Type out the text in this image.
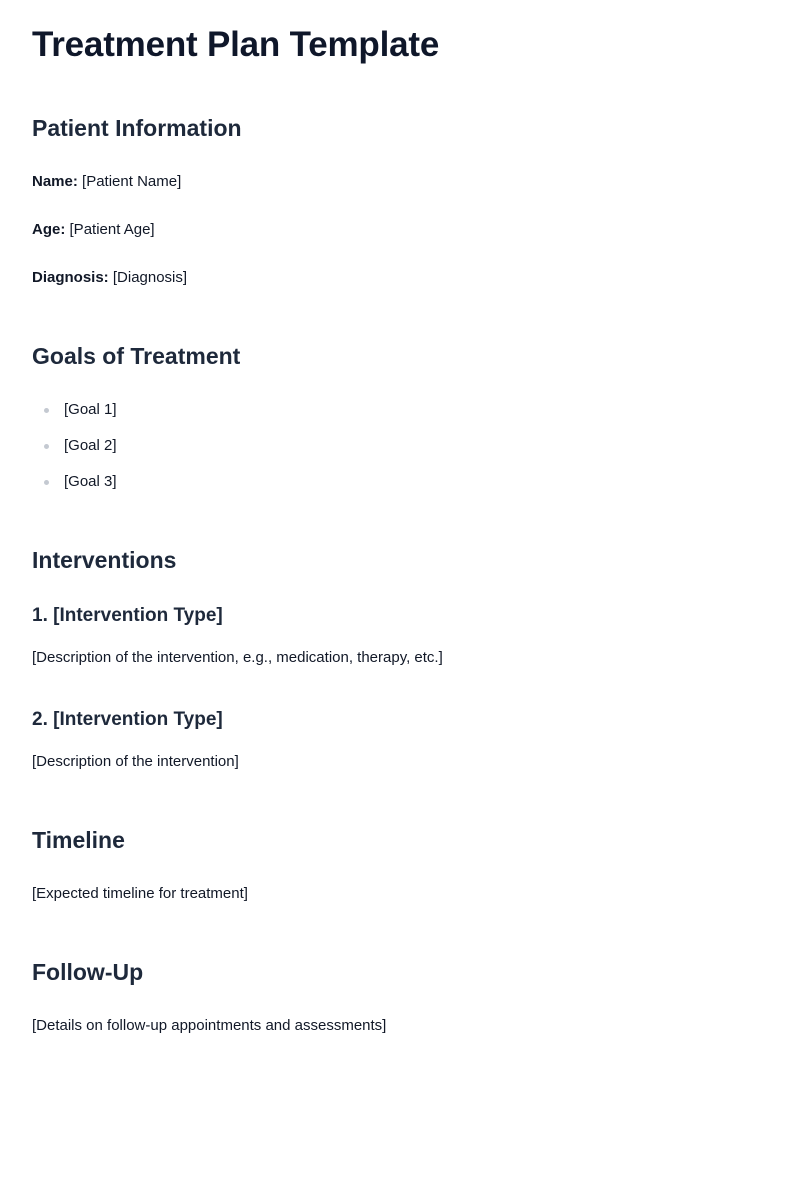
Treatment Plan Template
Patient Information

Name: [Patient Name]

Age: [Patient Age]

Diagnosis: [Diagnosis]

Goals of Treatment
[Goal 1]
[Goal 2]
[Goal 3]
Interventions
1. [Intervention Type]

[Description of the intervention, e.g., medication, therapy, etc.]

2. [Intervention Type]

[Description of the intervention]

Timeline

[Expected timeline for treatment]

Follow-Up

[Details on follow-up appointments and assessments]
